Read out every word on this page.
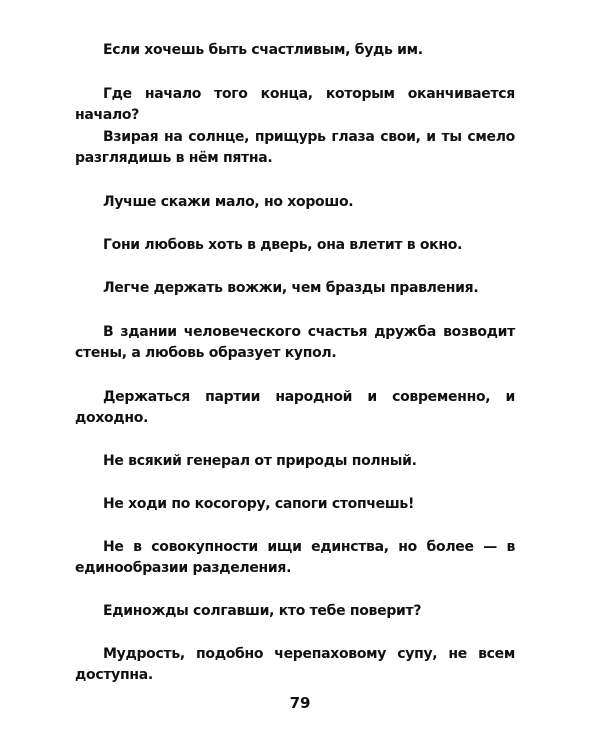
Если хочешь быть счастливым, будь им.

Где начало того конца, которым оканчивается начало?

Взирая на солнце, прищурь глаза свои, и ты смело разглядишь в нём пятна.

Лучше скажи мало, но хорошо.

Гони любовь хоть в дверь, она влетит в окно.

Легче держать вожжи, чем бразды правления.

В здании человеческого счастья дружба возводит стены, а любовь образует купол.

Держаться партии народной и современно, и доходно.

Не всякий генерал от природы полный.

Не ходи по косогору, сапоги стопчешь!

Не в совокупности ищи единства, но более — в единообразии разделения.

Единожды солгавши, кто тебе поверит?

Мудрость, подобно черепаховому супу, не всем доступна.

79
